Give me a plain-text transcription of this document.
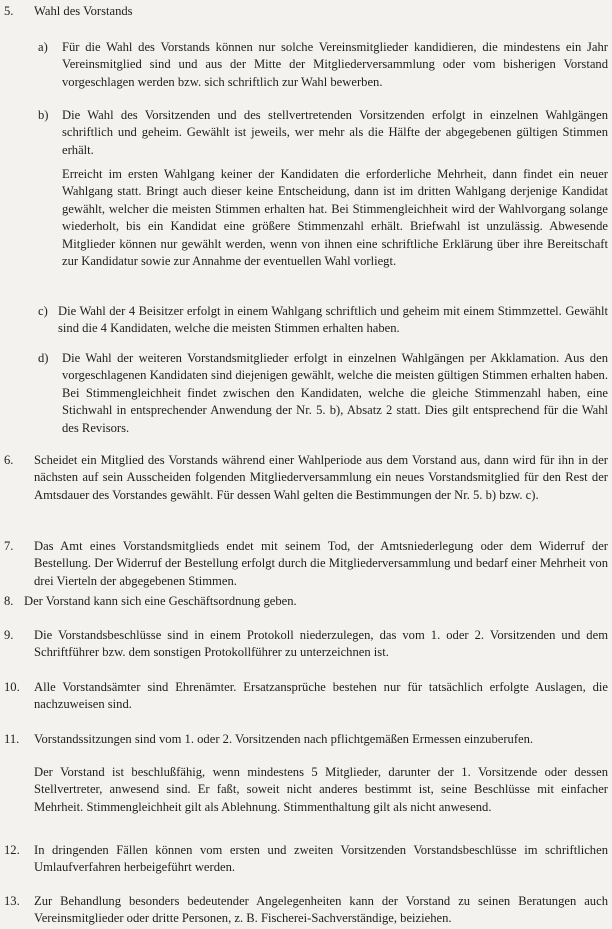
5. Wahl des Vorstands
a) Für die Wahl des Vorstands können nur solche Vereinsmitglieder kandidieren, die mindestens ein Jahr Vereinsmitglied sind und aus der Mitte der Mitgliederversammlung oder vom bisherigen Vorstand vorgeschlagen werden bzw. sich schriftlich zur Wahl bewerben.
b) Die Wahl des Vorsitzenden und des stellvertretenden Vorsitzenden erfolgt in einzelnen Wahlgängen schriftlich und geheim. Gewählt ist jeweils, wer mehr als die Hälfte der abgegebenen gültigen Stimmen erhält.
Erreicht im ersten Wahlgang keiner der Kandidaten die erforderliche Mehrheit, dann findet ein neuer Wahlgang statt. Bringt auch dieser keine Entscheidung, dann ist im dritten Wahlgang derjenige Kandidat gewählt, welcher die meisten Stimmen erhalten hat. Bei Stimmengleichheit wird der Wahlvorgang solange wiederholt, bis ein Kandidat eine größere Stimmenzahl erhält. Briefwahl ist unzulässig. Abwesende Mitglieder können nur gewählt werden, wenn von ihnen eine schriftliche Erklärung über ihre Bereitschaft zur Kandidatur sowie zur Annahme der eventuellen Wahl vorliegt.
c) Die Wahl der 4 Beisitzer erfolgt in einem Wahlgang schriftlich und geheim mit einem Stimmzettel. Gewählt sind die 4 Kandidaten, welche die meisten Stimmen erhalten haben.
d) Die Wahl der weiteren Vorstandsmitglieder erfolgt in einzelnen Wahlgängen per Akklamation. Aus den vorgeschlagenen Kandidaten sind diejenigen gewählt, welche die meisten gültigen Stimmen erhalten haben. Bei Stimmengleichheit findet zwischen den Kandidaten, welche die gleiche Stimmenzahl haben, eine Stichwahl in entsprechender Anwendung der Nr. 5. b), Absatz 2 statt. Dies gilt entsprechend für die Wahl des Revisors.
6. Scheidet ein Mitglied des Vorstands während einer Wahlperiode aus dem Vorstand aus, dann wird für ihn in der nächsten auf sein Ausscheiden folgenden Mitgliederversammlung ein neues Vorstandsmitglied für den Rest der Amtsdauer des Vorstandes gewählt. Für dessen Wahl gelten die Bestimmungen der Nr. 5. b) bzw. c).
7. Das Amt eines Vorstandsmitglieds endet mit seinem Tod, der Amtsniederlegung oder dem Widerruf der Bestellung. Der Widerruf der Bestellung erfolgt durch die Mitgliederversammlung und bedarf einer Mehrheit von drei Vierteln der abgegebenen Stimmen.
8. Der Vorstand kann sich eine Geschäftsordnung geben.
9. Die Vorstandsbeschlüsse sind in einem Protokoll niederzulegen, das vom 1. oder 2. Vorsitzenden und dem Schriftführer bzw. dem sonstigen Protokollführer zu unterzeichnen ist.
10. Alle Vorstandsämter sind Ehrenämter. Ersatzansprüche bestehen nur für tatsächlich erfolgte Auslagen, die nachzuweisen sind.
11. Vorstandssitzungen sind vom 1. oder 2. Vorsitzenden nach pflichtgemäßen Ermessen einzuberufen.
Der Vorstand ist beschlußfähig, wenn mindestens 5 Mitglieder, darunter der 1. Vorsitzende oder dessen Stellvertreter, anwesend sind. Er faßt, soweit nicht anderes bestimmt ist, seine Beschlüsse mit einfacher Mehrheit. Stimmengleichheit gilt als Ablehnung. Stimmenthaltung gilt als nicht anwesend.
12. In dringenden Fällen können vom ersten und zweiten Vorsitzenden Vorstandsbeschlüsse im schriftlichen Umlaufverfahren herbeigeführt werden.
13. Zur Behandlung besonders bedeutender Angelegenheiten kann der Vorstand zu seinen Beratungen auch Vereinsmitglieder oder dritte Personen, z. B. Fischerei-Sachverständige, beiziehen.
